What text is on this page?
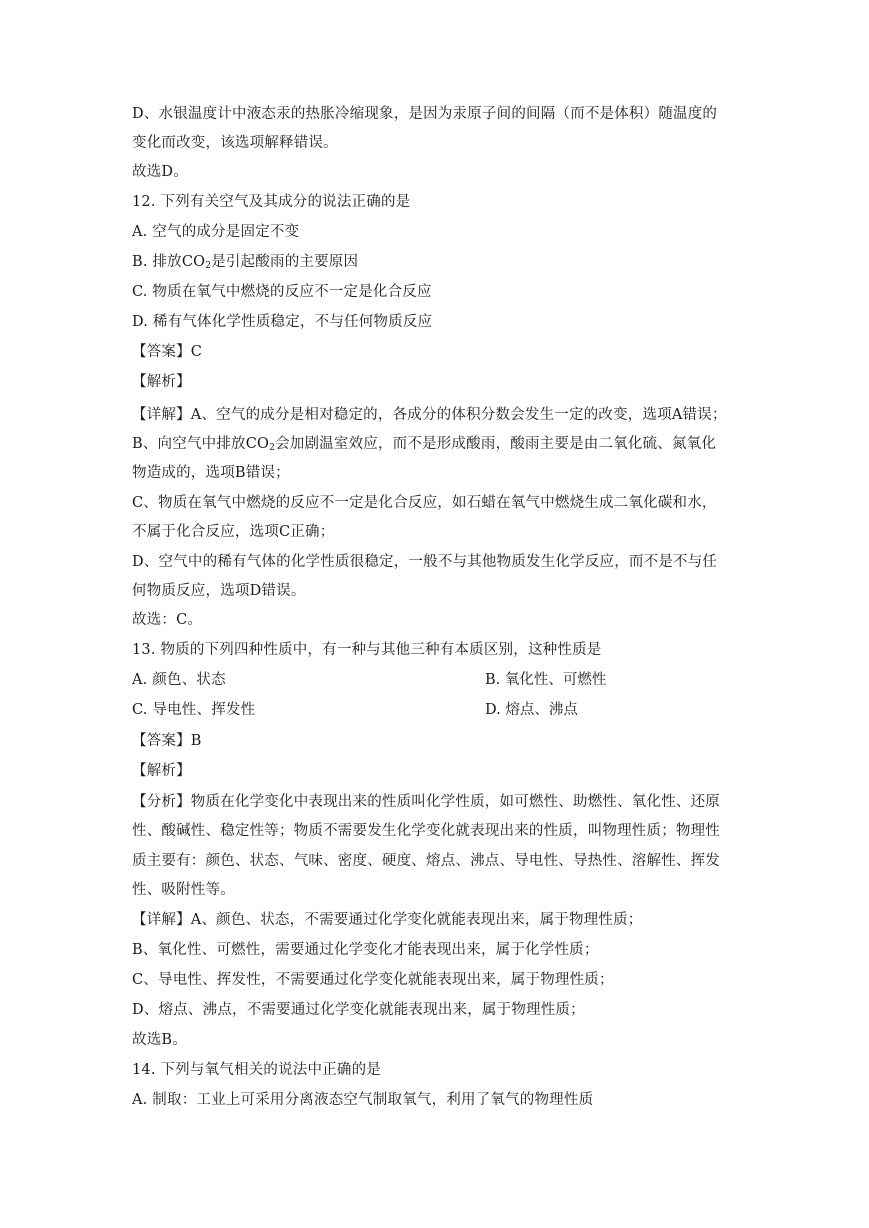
D、水银温度计中液态汞的热胀冷缩现象，是因为汞原子间的间隔（而不是体积）随温度的
变化而改变，该选项解释错误。
故选D。
12. 下列有关空气及其成分的说法正确的是
A. 空气的成分是固定不变
B. 排放$CO_2$是引起酸雨的主要原因
C. 物质在氧气中燃烧的反应不一定是化合反应
D. 稀有气体化学性质稳定，不与任何物质反应
【答案】C
【解析】
【详解】A、空气的成分是相对稳定的，各成分的体积分数会发生一定的改变，选项A错误；
B、向空气中排放$CO_2$会加剧温室效应，而不是形成酸雨，酸雨主要是由二氧化硫、氮氧化
物造成的，选项B错误；
C、物质在氧气中燃烧的反应不一定是化合反应，如石蜡在氧气中燃烧生成二氧化碳和水，
不属于化合反应，选项C正确；
D、空气中的稀有气体的化学性质很稳定，一般不与其他物质发生化学反应，而不是不与任
何物质反应，选项D错误。
故选：C。
13. 物质的下列四种性质中，有一种与其他三种有本质区别，这种性质是
A. 颜色、状态	B. 氧化性、可燃性
C. 导电性、挥发性	D. 熔点、沸点
【答案】B
【解析】
【分析】物质在化学变化中表现出来的性质叫化学性质，如可燃性、助燃性、氧化性、还原
性、酸碱性、稳定性等；物质不需要发生化学变化就表现出来的性质，叫物理性质；物理性
质主要有：颜色、状态、气味、密度、硬度、熔点、沸点、导电性、导热性、溶解性、挥发
性、吸附性等。
【详解】A、颜色、状态，不需要通过化学变化就能表现出来，属于物理性质；
B、氧化性、可燃性，需要通过化学变化才能表现出来，属于化学性质；
C、导电性、挥发性，不需要通过化学变化就能表现出来，属于物理性质；
D、熔点、沸点，不需要通过化学变化就能表现出来，属于物理性质；
故选B。
14. 下列与氧气相关的说法中正确的是
A. 制取：工业上可采用分离液态空气制取氧气，利用了氧气的物理性质
